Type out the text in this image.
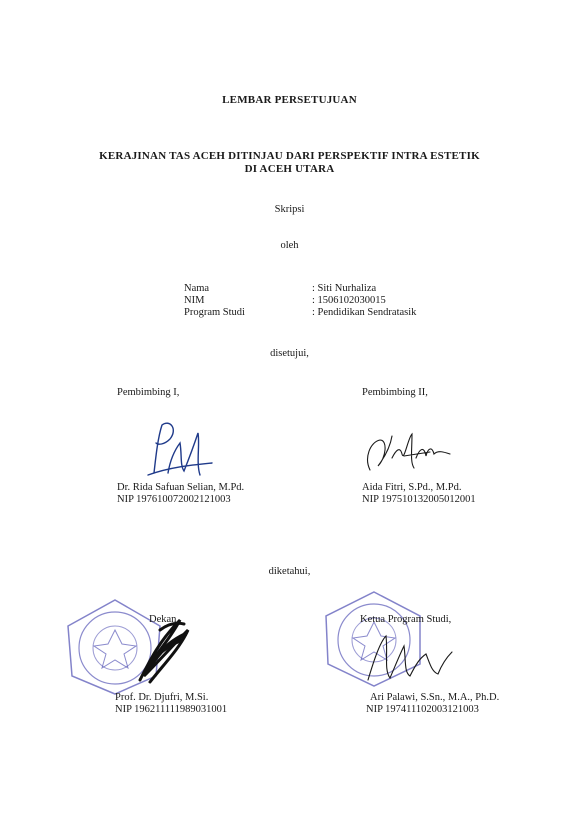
LEMBAR PERSETUJUAN
KERAJINAN TAS ACEH DITINJAU DARI PERSPEKTIF INTRA ESTETIK
DI ACEH UTARA
Skripsi
oleh
Nama	: Siti Nurhaliza
NIM	: 1506102030015
Program Studi	: Pendidikan Sendratasik
disetujui,
Pembimbing I,	Pembimbing II,
Dr. Rida Safuan Selian, M.Pd.
NIP 197610072002121003
Aida Fitri, S.Pd., M.Pd.
NIP 197510132005012001
diketahui,
Dekan,	Ketua Program Studi,
Prof. Dr. Djufri, M.Si.
NIP 196211111989031001
Ari Palawi, S.Sn., M.A., Ph.D.
NIP 197411102003121003
